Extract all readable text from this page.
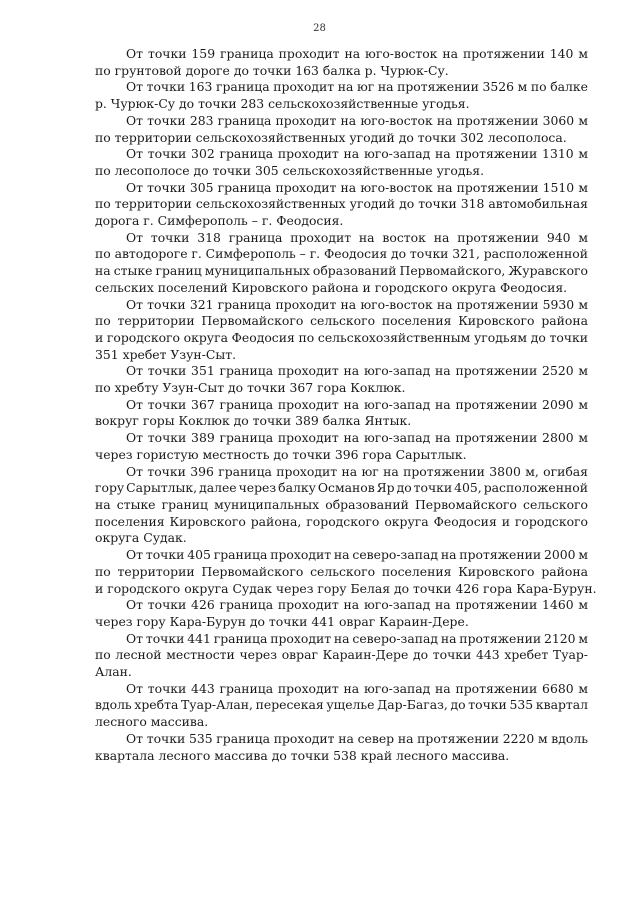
28
От точки 159 граница проходит на юго-восток на протяжении 140 м
по грунтовой дороге до точки 163 балка р. Чурюк-Су.
От точки 163 граница проходит на юг на протяжении 3526 м по балке
р. Чурюк-Су до точки 283 сельскохозяйственные угодья.
От точки 283 граница проходит на юго-восток на протяжении 3060 м
по территории сельскохозяйственных угодий до точки 302 лесополоса.
От точки 302 граница проходит на юго-запад на протяжении 1310 м
по лесополосе до точки 305 сельскохозяйственные угодья.
От точки 305 граница проходит на юго-восток на протяжении 1510 м
по территории сельскохозяйственных угодий до точки 318 автомобильная
дорога г. Симферополь – г. Феодосия.
От точки 318 граница проходит на восток на протяжении 940 м
по автодороге г. Симферополь – г. Феодосия до точки 321, расположенной
на стыке границ муниципальных образований Первомайского, Журавского
сельских поселений Кировского района и городского округа Феодосия.
От точки 321 граница проходит на юго-восток на протяжении 5930 м
по территории Первомайского сельского поселения Кировского района
и городского округа Феодосия по сельскохозяйственным угодьям до точки
351 хребет Узун-Сыт.
От точки 351 граница проходит на юго-запад на протяжении 2520 м
по хребту Узун-Сыт до точки 367 гора Коклюк.
От точки 367 граница проходит на юго-запад на протяжении 2090 м
вокруг горы Коклюк до точки 389 балка Янтык.
От точки 389 граница проходит на юго-запад на протяжении 2800 м
через гористую местность до точки 396 гора Сарытлык.
От точки 396 граница проходит на юг на протяжении 3800 м, огибая
гору Сарытлык, далее через балку Османов Яр до точки 405, расположенной
на стыке границ муниципальных образований Первомайского сельского
поселения Кировского района, городского округа Феодосия и городского
округа Судак.
От точки 405 граница проходит на северо-запад на протяжении 2000 м
по территории Первомайского сельского поселения Кировского района
и городского округа Судак через гору Белая до точки 426 гора Кара-Бурун.
От точки 426 граница проходит на юго-запад на протяжении 1460 м
через гору Кара-Бурун до точки 441 овраг Караин-Дере.
От точки 441 граница проходит на северо-запад на протяжении 2120 м
по лесной местности через овраг Караин-Дере до точки 443 хребет Туар-
Алан.
От точки 443 граница проходит на юго-запад на протяжении 6680 м
вдоль хребта Туар-Алан, пересекая ущелье Дар-Багаз, до точки 535 квартал
лесного массива.
От точки 535 граница проходит на север на протяжении 2220 м вдоль
квартала лесного массива до точки 538 край лесного массива.
